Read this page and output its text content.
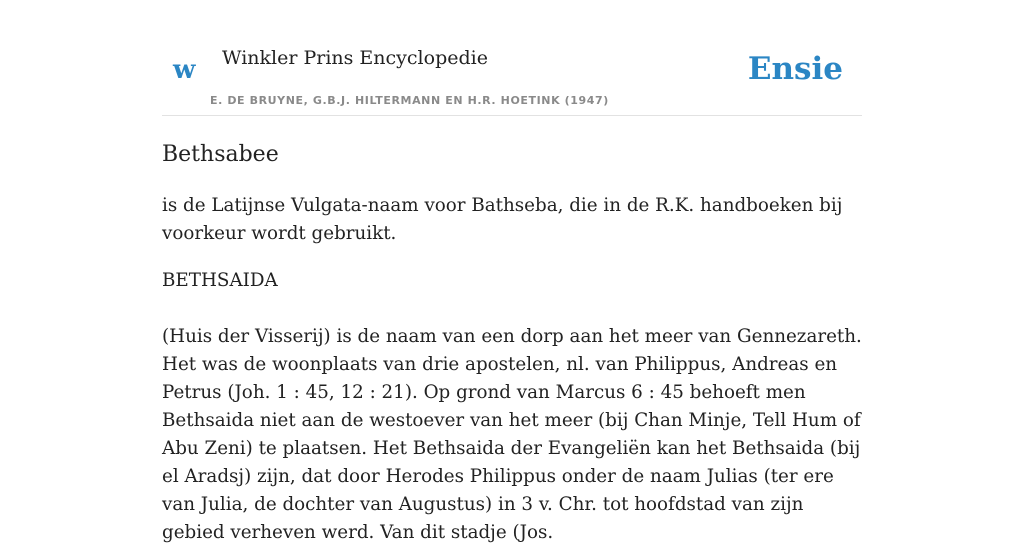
w Winkler Prins Encyclopedie
E. DE BRUYNE, G.B.J. HILTERMANN EN H.R. HOETINK (1947)
Ensie
Bethsabee

is de Latijnse Vulgata-naam voor Bathseba, die in de R.K. handboeken bij voorkeur wordt gebruikt.

BETHSAIDA

(Huis der Visserij) is de naam van een dorp aan het meer van Gennezareth. Het was de woonplaats van drie apostelen, nl. van Philippus, Andreas en Petrus (Joh. 1 : 45, 12 : 21). Op grond van Marcus 6 : 45 behoeft men Bethsaida niet aan de westoever van het meer (bij Chan Minje, Tell Hum of Abu Zeni) te plaatsen. Het Bethsaida der Evangeliën kan het Bethsaida (bij el Aradsj) zijn, dat door Herodes Philippus onder de naam Julias (ter ere van Julia, de dochter van Augustus) in 3 v. Chr. tot hoofdstad van zijn gebied verheven werd. Van dit stadje (Jos.
